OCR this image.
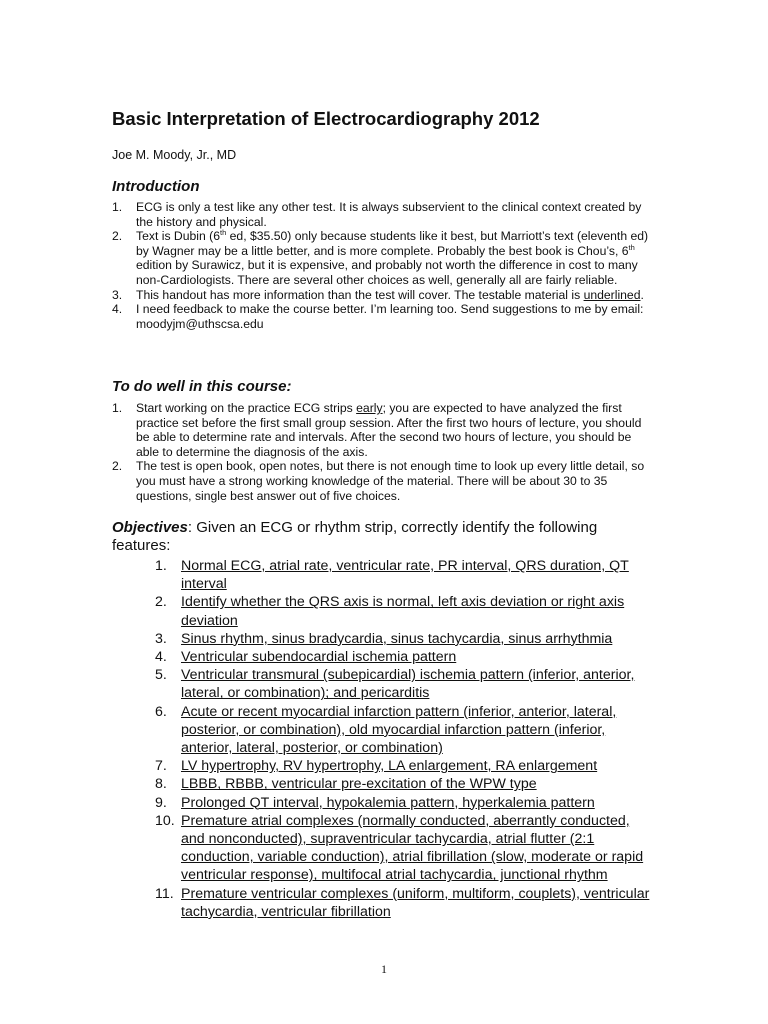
Basic Interpretation of Electrocardiography 2012
Joe M. Moody, Jr., MD
Introduction
1.	ECG is only a test like any other test. It is always subservient to the clinical context created by the history and physical.
2.	Text is Dubin (6th ed, $35.50) only because students like it best, but Marriott’s text (eleventh ed) by Wagner may be a little better, and is more complete. Probably the best book is Chou’s, 6th edition by Surawicz, but it is expensive, and probably not worth the difference in cost to many non-Cardiologists. There are several other choices as well, generally all are fairly reliable.
3.	This handout has more information than the test will cover. The testable material is underlined.
4.	I need feedback to make the course better. I’m learning too. Send suggestions to me by email: moodyjm@uthscsa.edu
To do well in this course:
1.	Start working on the practice ECG strips early; you are expected to have analyzed the first practice set before the first small group session. After the first two hours of lecture, you should be able to determine rate and intervals. After the second two hours of lecture, you should be able to determine the diagnosis of the axis.
2.	The test is open book, open notes, but there is not enough time to look up every little detail, so you must have a strong working knowledge of the material. There will be about 30 to 35 questions, single best answer out of five choices.
Objectives: Given an ECG or rhythm strip, correctly identify the following features:
1. Normal ECG, atrial rate, ventricular rate, PR interval, QRS duration, QT interval
2. Identify whether the QRS axis is normal, left axis deviation or right axis deviation
3. Sinus rhythm, sinus bradycardia, sinus tachycardia, sinus arrhythmia
4. Ventricular subendocardial ischemia pattern
5. Ventricular transmural (subepicardial) ischemia pattern (inferior, anterior, lateral, or combination); and pericarditis
6. Acute or recent myocardial infarction pattern (inferior, anterior, lateral, posterior, or combination), old myocardial infarction pattern (inferior, anterior, lateral, posterior, or combination)
7. LV hypertrophy, RV hypertrophy, LA enlargement, RA enlargement
8. LBBB, RBBB, ventricular pre-excitation of the WPW type
9. Prolonged QT interval, hypokalemia pattern, hyperkalemia pattern
10. Premature atrial complexes (normally conducted, aberrantly conducted, and nonconducted), supraventricular tachycardia, atrial flutter (2:1 conduction, variable conduction), atrial fibrillation (slow, moderate or rapid ventricular response), multifocal atrial tachycardia, junctional rhythm
11. Premature ventricular complexes (uniform, multiform, couplets), ventricular tachycardia, ventricular fibrillation
1
